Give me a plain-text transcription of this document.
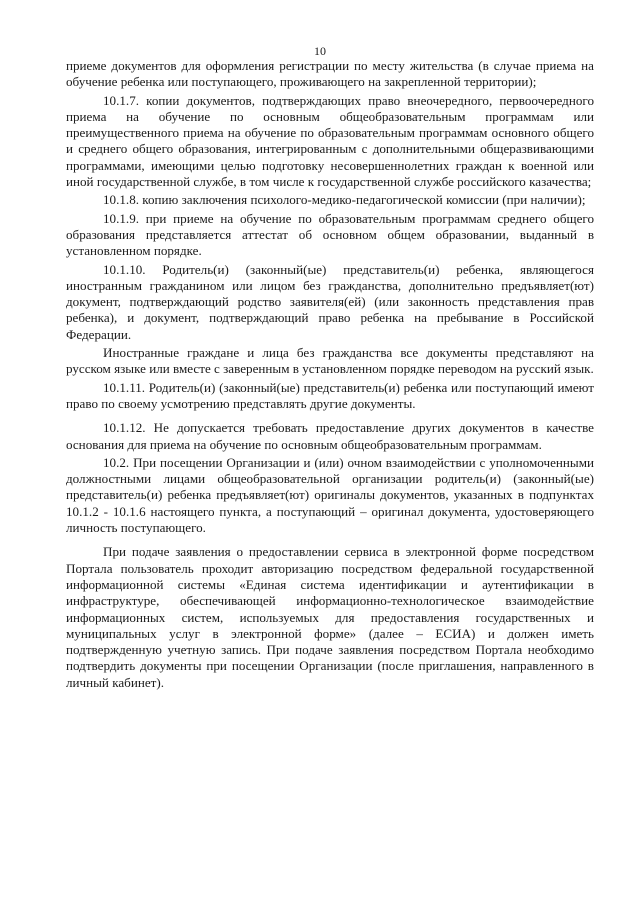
10

приеме документов для оформления регистрации по месту жительства (в случае приема на обучение ребенка или поступающего, проживающего на закрепленной территории);

10.1.7. копии документов, подтверждающих право внеочередного, первоочередного приема на обучение по основным общеобразовательным программам или преимущественного приема на обучение по образовательным программам основного общего и среднего общего образования, интегрированным с дополнительными общеразвивающими программами, имеющими целью подготовку несовершеннолетних граждан к военной или иной государственной службе, в том числе к государственной службе российского казачества;

10.1.8. копию заключения психолого-медико-педагогической комиссии (при наличии);

10.1.9. при приеме на обучение по образовательным программам среднего общего образования представляется аттестат об основном общем образовании, выданный в установленном порядке.

10.1.10. Родитель(и) (законный(ые) представитель(и) ребенка, являющегося иностранным гражданином или лицом без гражданства, дополнительно предъявляет(ют) документ, подтверждающий родство заявителя(ей) (или законность представления прав ребенка), и документ, подтверждающий право ребенка на пребывание в Российской Федерации.

Иностранные граждане и лица без гражданства все документы представляют на русском языке или вместе с заверенным в установленном порядке переводом на русский язык.

10.1.11. Родитель(и) (законный(ые) представитель(и) ребенка или поступающий имеют право по своему усмотрению представлять другие документы.

10.1.12. Не допускается требовать предоставление других документов в качестве основания для приема на обучение по основным общеобразовательным программам.

10.2. При посещении Организации и (или) очном взаимодействии с уполномоченными должностными лицами общеобразовательной организации родитель(и) (законный(ые) представитель(и) ребенка предъявляет(ют) оригиналы документов, указанных в подпунктах 10.1.2 - 10.1.6 настоящего пункта, а поступающий – оригинал документа, удостоверяющего личность поступающего.

При подаче заявления о предоставлении сервиса в электронной форме посредством Портала пользователь проходит авторизацию посредством федеральной государственной информационной системы «Единая система идентификации и аутентификации в инфраструктуре, обеспечивающей информационно-технологическое взаимодействие информационных систем, используемых для предоставления государственных и муниципальных услуг в электронной форме» (далее – ЕСИА) и должен иметь подтвержденную учетную запись. При подаче заявления посредством Портала необходимо подтвердить документы при посещении Организации (после приглашения, направленного в личный кабинет).
